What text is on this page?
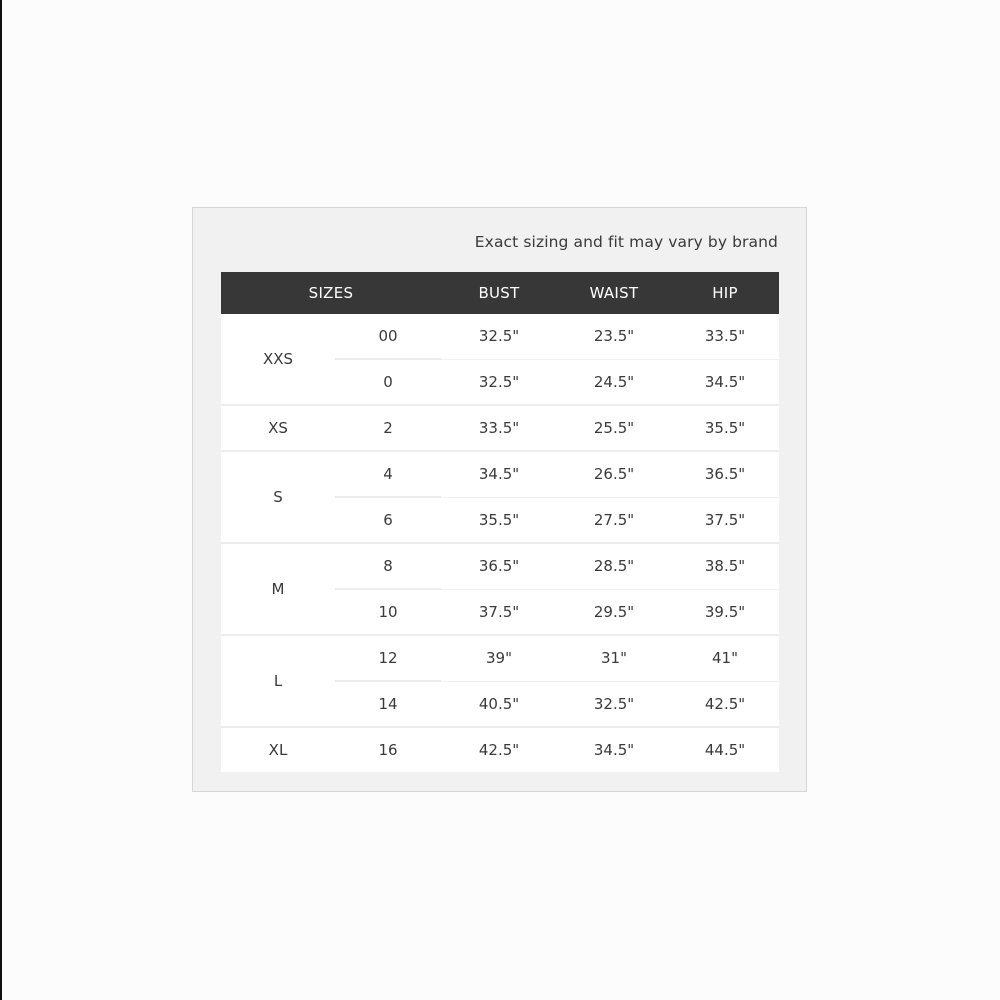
Exact sizing and fit may vary by brand
SIZES		BUST	WAIST	HIP
XXS	00	32.5"	23.5"	33.5"
	0	32.5"	24.5"	34.5"
XS	2	33.5"	25.5"	35.5"
S	4	34.5"	26.5"	36.5"
	6	35.5"	27.5"	37.5"
M	8	36.5"	28.5"	38.5"
	10	37.5"	29.5"	39.5"
L	12	39"	31"	41"
	14	40.5"	32.5"	42.5"
XL	16	42.5"	34.5"	44.5"
